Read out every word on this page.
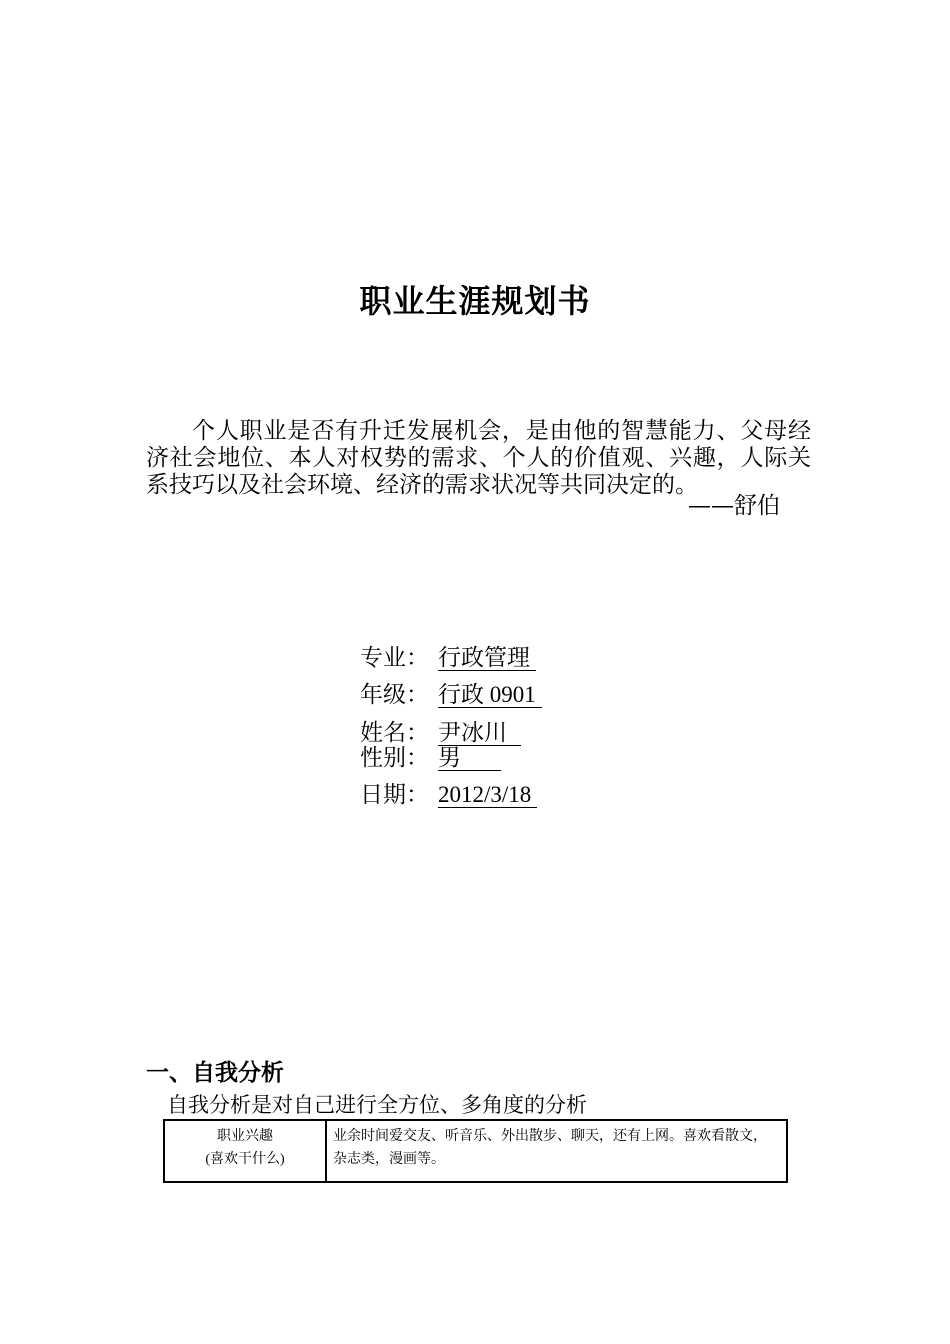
职业生涯规划书
个人职业是否有升迁发展机会，是由他的智慧能力、父母经济社会地位、本人对权势的需求、个人的价值观、兴趣，人际关系技巧以及社会环境、经济的需求状况等共同决定的。
——舒伯
专业： 行政管理
年级： 行政 0901
姓名： 尹冰川
性别： 男
日期： 2012/3/18
一、自我分析
自我分析是对自己进行全方位、多角度的分析
职业兴趣
(喜欢干什么)
	业余时间爱交友、听音乐、外出散步、聊天，还有上网。喜欢看散文，杂志类，漫画等。
